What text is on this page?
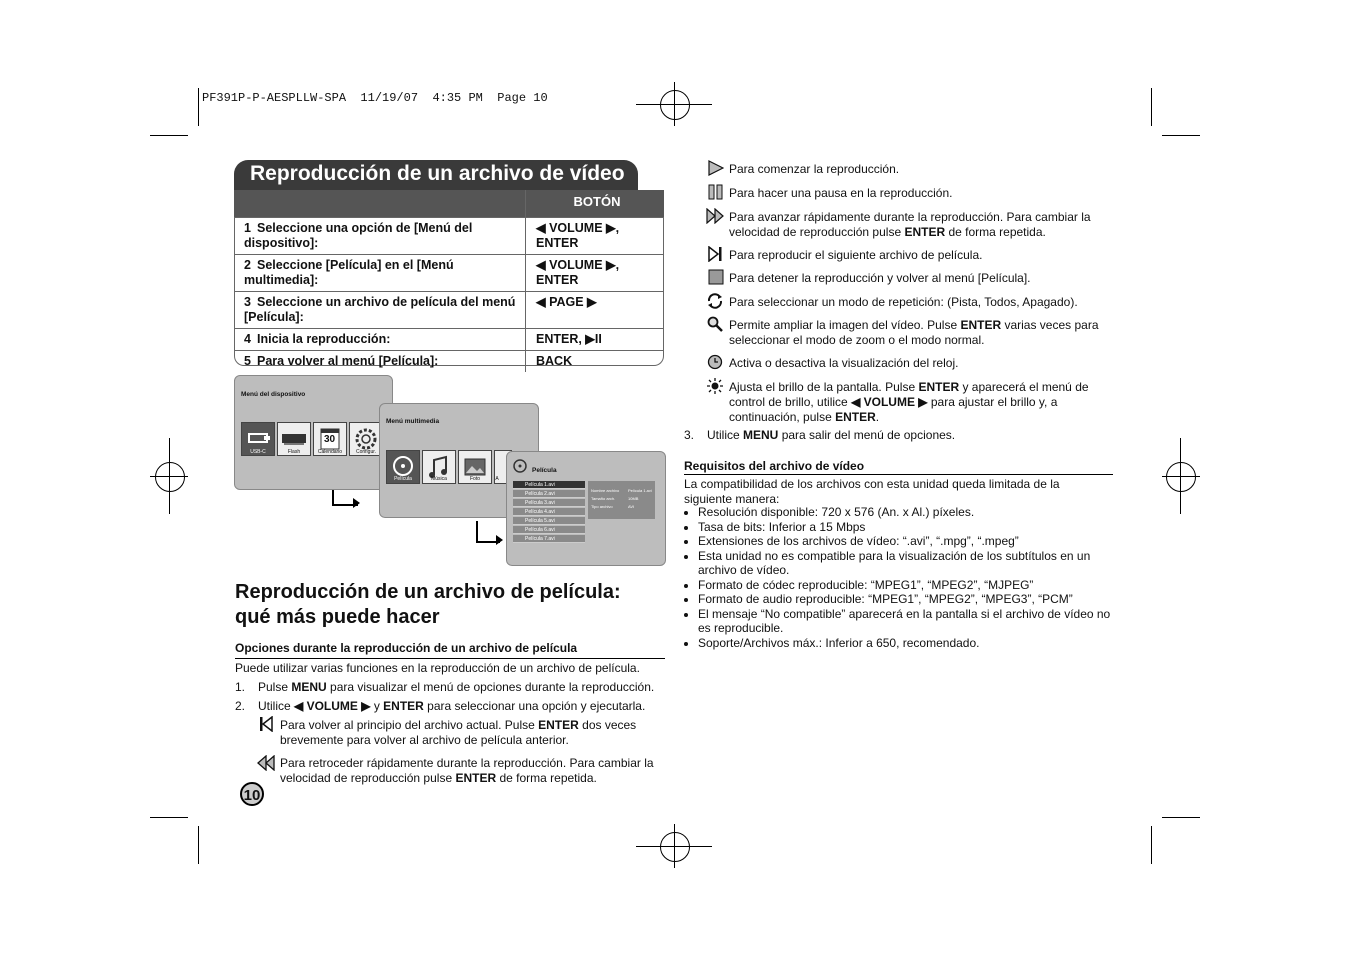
PF391P-P-AESPLLW-SPA  11/19/07  4:35 PM  Page 10
Reproducción de un archivo de vídeo
	BOTÓN
1 Seleccione una opción de [Menú del dispositivo]:	◀ VOLUME ▶, ENTER
2 Seleccione [Película] en el [Menú multimedia]:	◀ VOLUME ▶, ENTER
3 Seleccione un archivo de película del menú [Película]:	◀ PAGE ▶
4 Inicia la reproducción:	ENTER, ▶II
5 Para volver al menú [Película]:	BACK
Menú del dispositivo
30
USB-C	Flash	Calendario	Configur.
Menú multimedia
Película	Música	Foto	A
Película
Película 1.avi
Película 2.avi
Película 3.avi
Película 4.avi
Película 5.avi
Película 6.avi
Película 7.avi
Nombre archivo Película 1.avi
Tamaño arch.	10MB
Tipo archivo	AVI
Reproducción de un archivo de película:
qué más puede hacer
Opciones durante la reproducción de un archivo de película
Puede utilizar varias funciones en la reproducción de un archivo de película.
1. Pulse MENU para visualizar el menú de opciones durante la reproducción.
2. Utilice ◀ VOLUME ▶ y ENTER para seleccionar una opción y ejecutarla.
Para volver al principio del archivo actual. Pulse ENTER dos veces brevemente para volver al archivo de película anterior.
Para retroceder rápidamente durante la reproducción. Para cambiar la velocidad de reproducción pulse ENTER de forma repetida.
10
Para comenzar la reproducción.
Para hacer una pausa en la reproducción.
Para avanzar rápidamente durante la reproducción. Para cambiar la velocidad de reproducción pulse ENTER de forma repetida.
Para reproducir el siguiente archivo de película.
Para detener la reproducción y volver al menú [Película].
Para seleccionar un modo de repetición: (Pista, Todos, Apagado).
Permite ampliar la imagen del vídeo. Pulse ENTER varias veces para seleccionar el modo de zoom o el modo normal.
Activa o desactiva la visualización del reloj.
Ajusta el brillo de la pantalla. Pulse ENTER y aparecerá el menú de control de brillo, utilice ◀ VOLUME ▶ para ajustar el brillo y, a continuación, pulse ENTER.
3. Utilice MENU para salir del menú de opciones.
Requisitos del archivo de vídeo
La compatibilidad de los archivos con esta unidad queda limitada de la siguiente manera:
• Resolución disponible: 720 x 576 (An. x Al.) píxeles.
• Tasa de bits: Inferior a 15 Mbps
• Extensiones de los archivos de vídeo: “.avi”, “.mpg”, “.mpeg”
• Esta unidad no es compatible para la visualización de los subtítulos en un archivo de vídeo.
• Formato de códec reproducible: “MPEG1”, “MPEG2”, “MJPEG”
• Formato de audio reproducible: “MPEG1”, “MPEG2”, “MPEG3”, “PCM”
• El mensaje “No compatible” aparecerá en la pantalla si el archivo de vídeo no es reproducible.
• Soporte/Archivos máx.: Inferior a 650, recomendado.
